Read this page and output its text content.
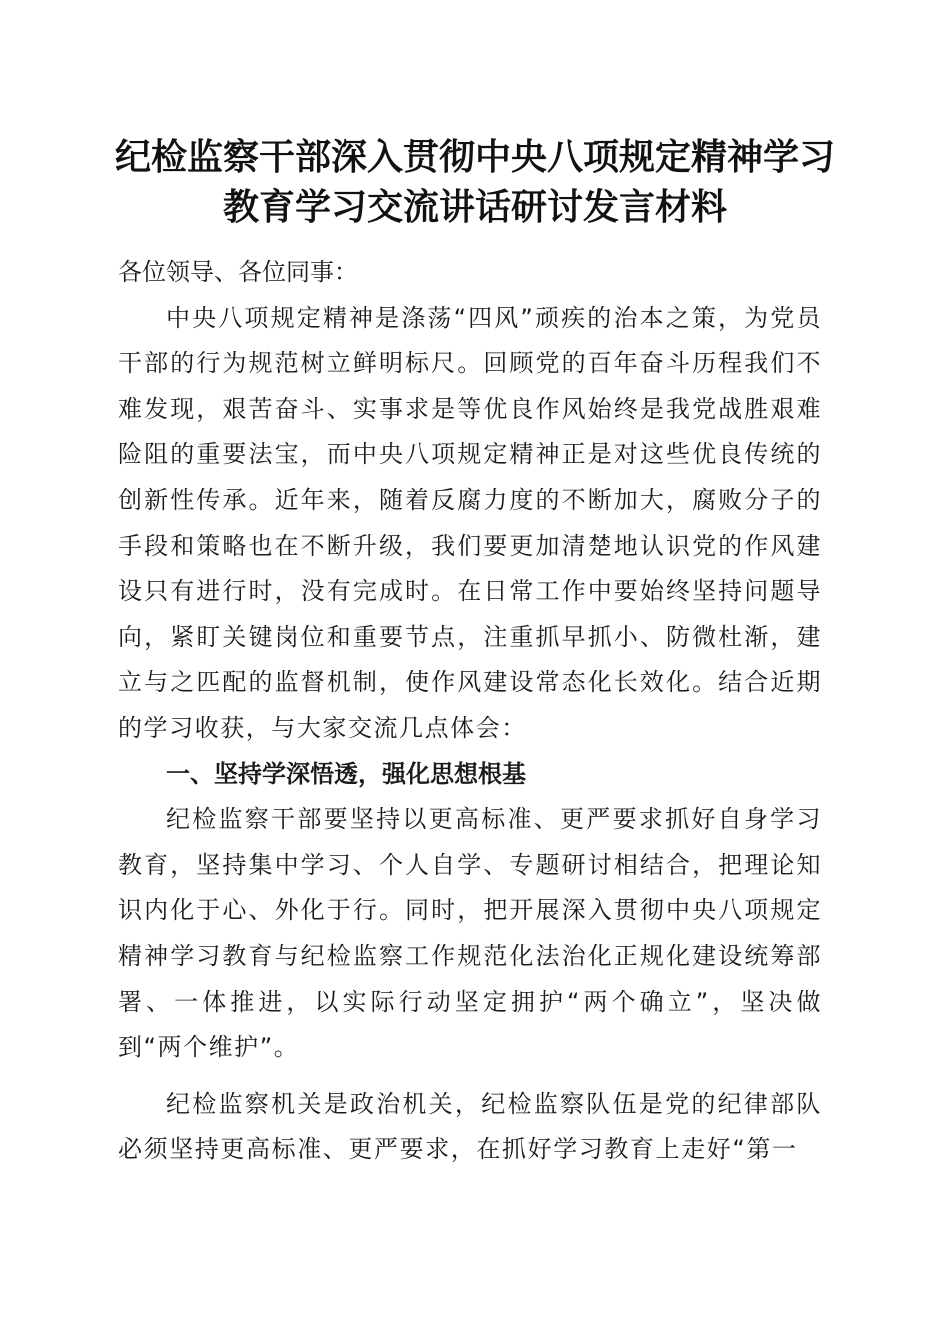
纪检监察干部深入贯彻中央八项规定精神学习
教育学习交流讲话研讨发言材料

各位领导、各位同事：

中央八项规定精神是涤荡“四风”顽疾的治本之策，为党员干部的行为规范树立鲜明标尺。回顾党的百年奋斗历程我们不难发现，艰苦奋斗、实事求是等优良作风始终是我党战胜艰难险阻的重要法宝，而中央八项规定精神正是对这些优良传统的创新性传承。近年来，随着反腐力度的不断加大，腐败分子的手段和策略也在不断升级，我们要更加清楚地认识党的作风建设只有进行时，没有完成时。在日常工作中要始终坚持问题导向，紧盯关键岗位和重要节点，注重抓早抓小、防微杜渐，建立与之匹配的监督机制，使作风建设常态化长效化。结合近期的学习收获，与大家交流几点体会：

一、坚持学深悟透，强化思想根基

纪检监察干部要坚持以更高标准、更严要求抓好自身学习教育，坚持集中学习、个人自学、专题研讨相结合，把理论知识内化于心、外化于行。同时，把开展深入贯彻中央八项规定精神学习教育与纪检监察工作规范化法治化正规化建设统筹部署、一体推进，以实际行动坚定拥护“两个确立”，坚决做到“两个维护”。

纪检监察机关是政治机关，纪检监察队伍是党的纪律部队必须坚持更高标准、更严要求，在抓好学习教育上走好“第一
